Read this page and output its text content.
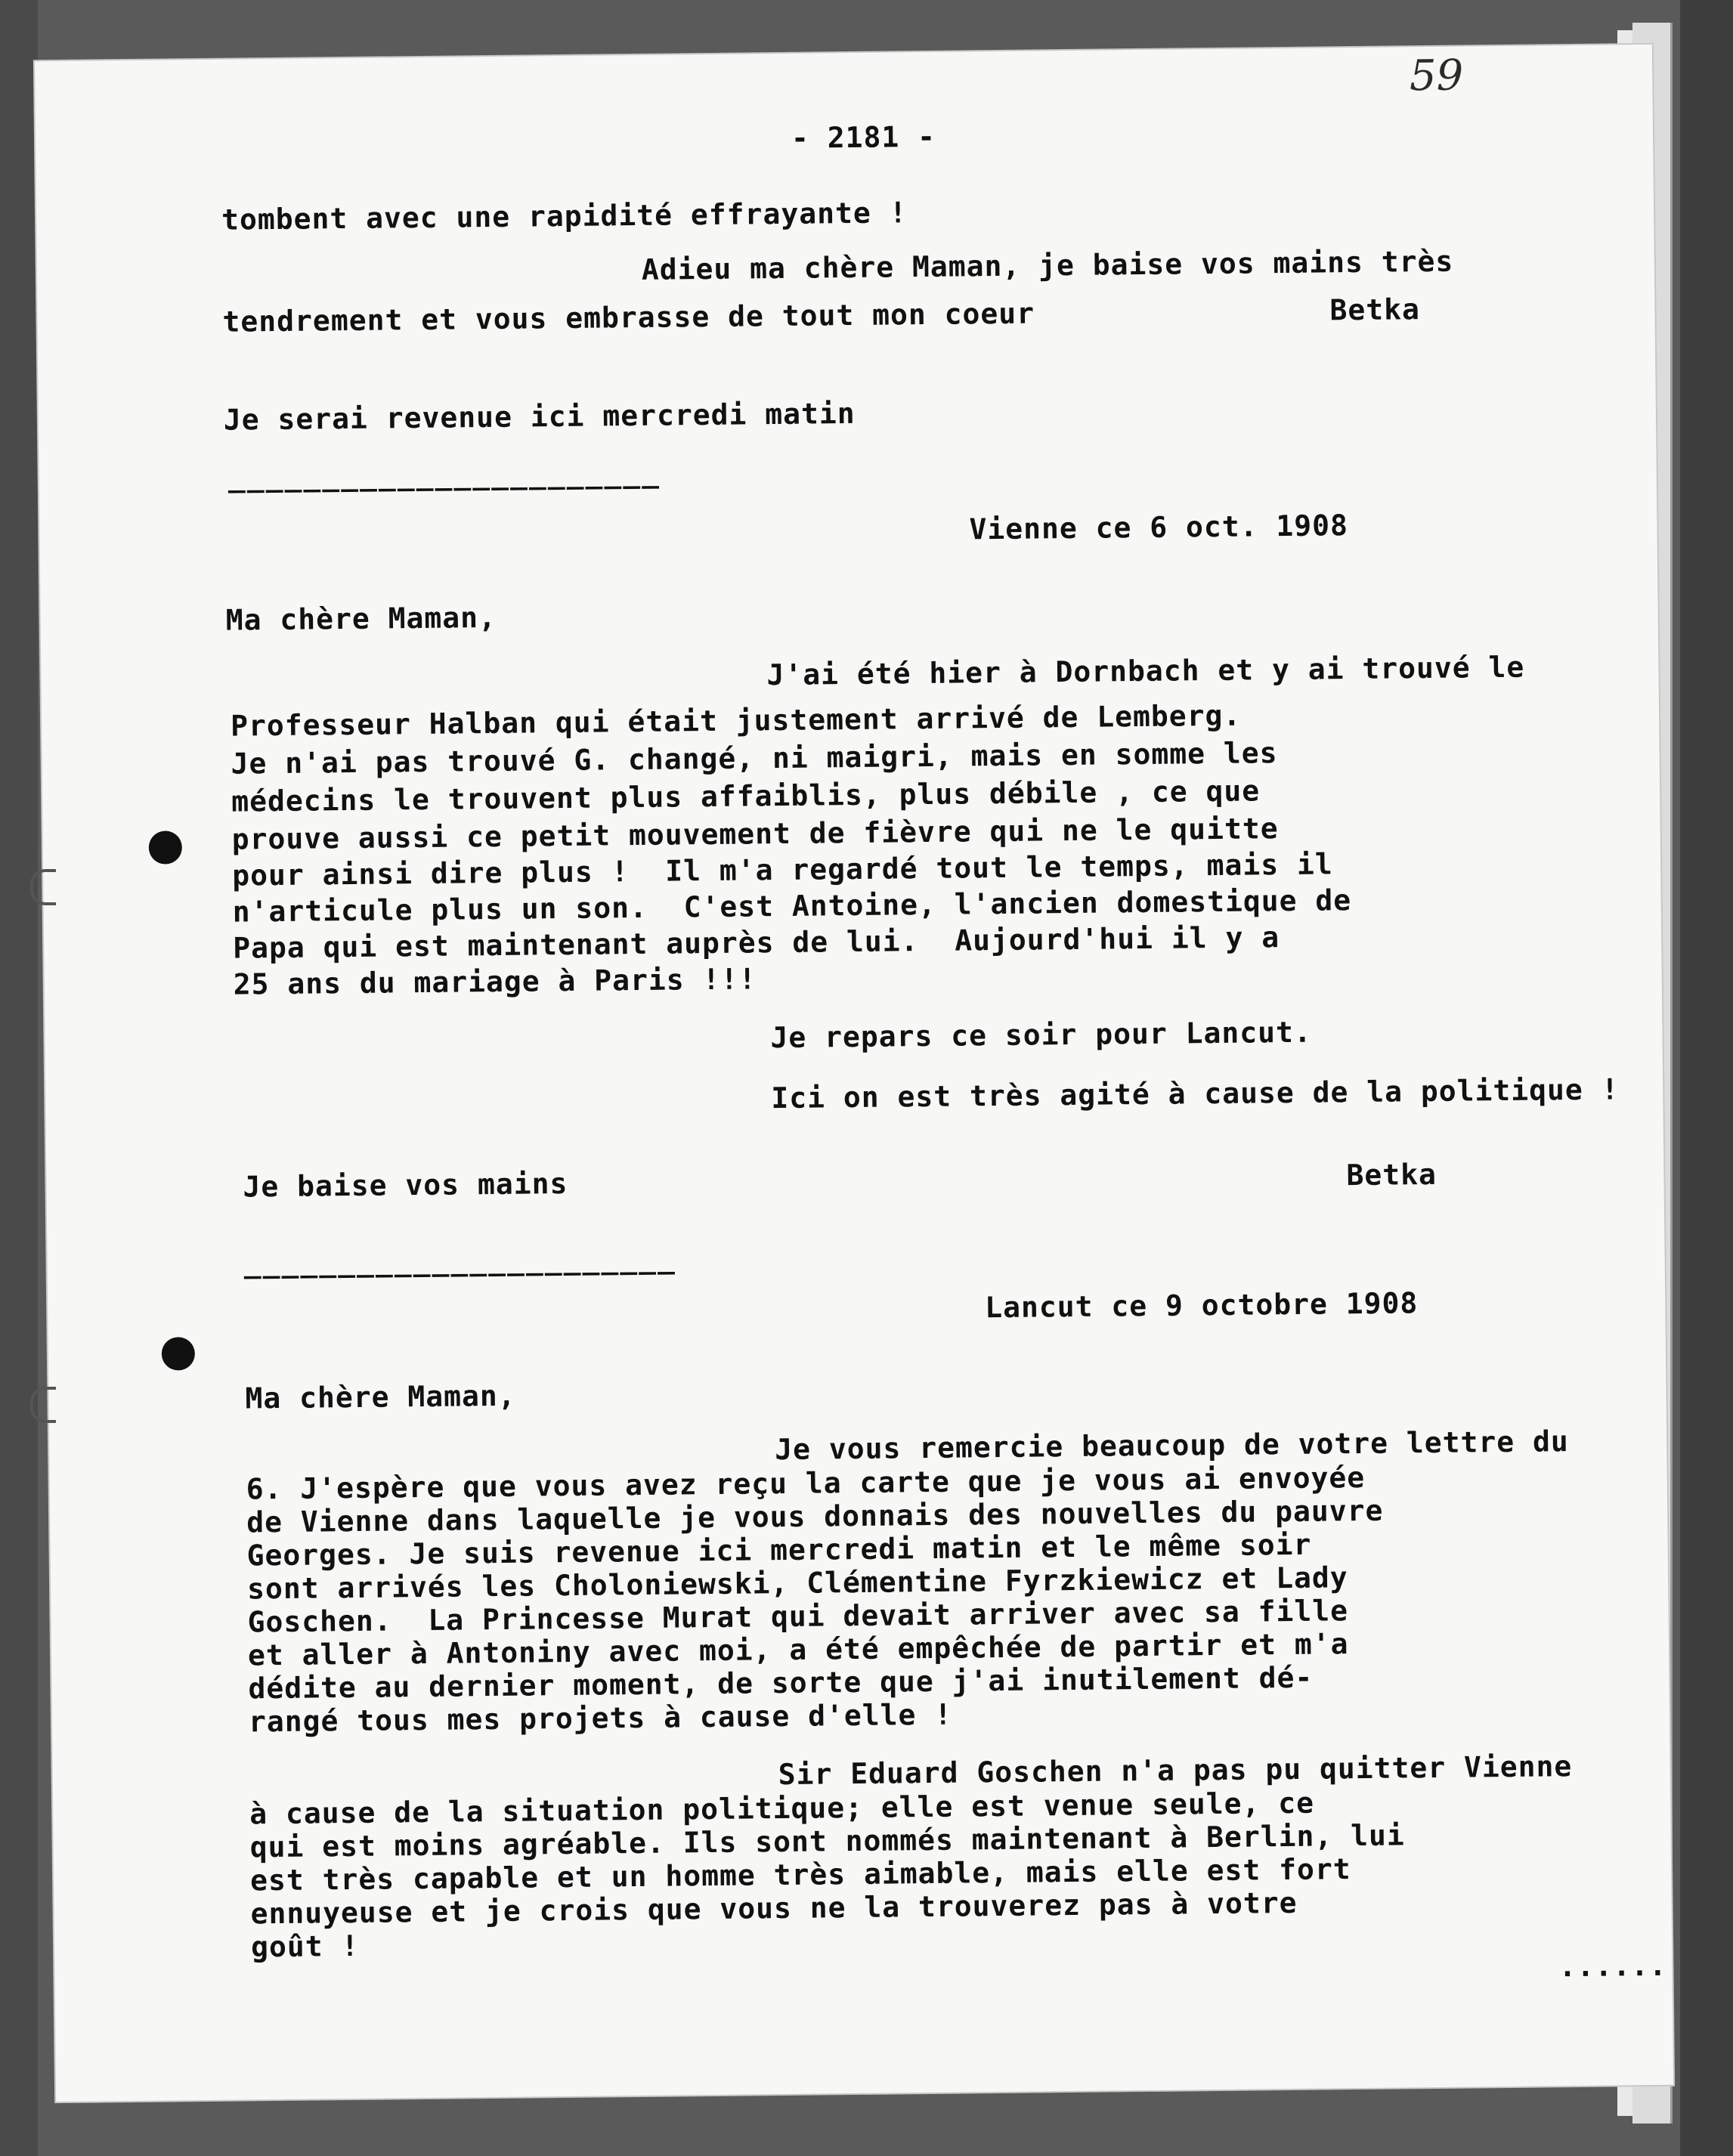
59
- 2181 -
tombent avec une rapidité effrayante !
Adieu ma chère Maman, je baise vos mains très
tendrement et vous embrasse de tout mon coeur	Betka
Je serai revenue ici mercredi matin
_______________________
Vienne ce 6 oct. 1908
Ma chère Maman,
J'ai été hier à Dornbach et y ai trouvé le
Professeur Halban qui était justement arrivé de Lemberg.
Je n'ai pas trouvé G. changé, ni maigri, mais en somme les
médecins le trouvent plus affaiblis, plus débile , ce que
prouve aussi ce petit mouvement de fièvre qui ne le quitte
pour ainsi dire plus !  Il m'a regardé tout le temps, mais il
n'articule plus un son.  C'est Antoine, l'ancien domestique de
Papa qui est maintenant auprès de lui.  Aujourd'hui il y a
25 ans du mariage à Paris !!!
Je repars ce soir pour Lancut.
Ici on est très agité à cause de la politique !
Je baise vos mains	Betka
_______________________
Lancut ce 9 octobre 1908
Ma chère Maman,
Je vous remercie beaucoup de votre lettre du
6. J'espère que vous avez reçu la carte que je vous ai envoyée
de Vienne dans laquelle je vous donnais des nouvelles du pauvre
Georges. Je suis revenue ici mercredi matin et le même soir
sont arrivés les Choloniewski, Clémentine Fyrzkiewicz et Lady
Goschen.  La Princesse Murat qui devait arriver avec sa fille
et aller à Antoniny avec moi, a été empêchée de partir et m'a
dédite au dernier moment, de sorte que j'ai inutilement dé-
rangé tous mes projets à cause d'elle !
Sir Eduard Goschen n'a pas pu quitter Vienne
à cause de la situation politique; elle est venue seule, ce
qui est moins agréable. Ils sont nommés maintenant à Berlin, lui
est très capable et un homme très aimable, mais elle est fort
ennuyeuse et je crois que vous ne la trouverez pas à votre
goût !
......
